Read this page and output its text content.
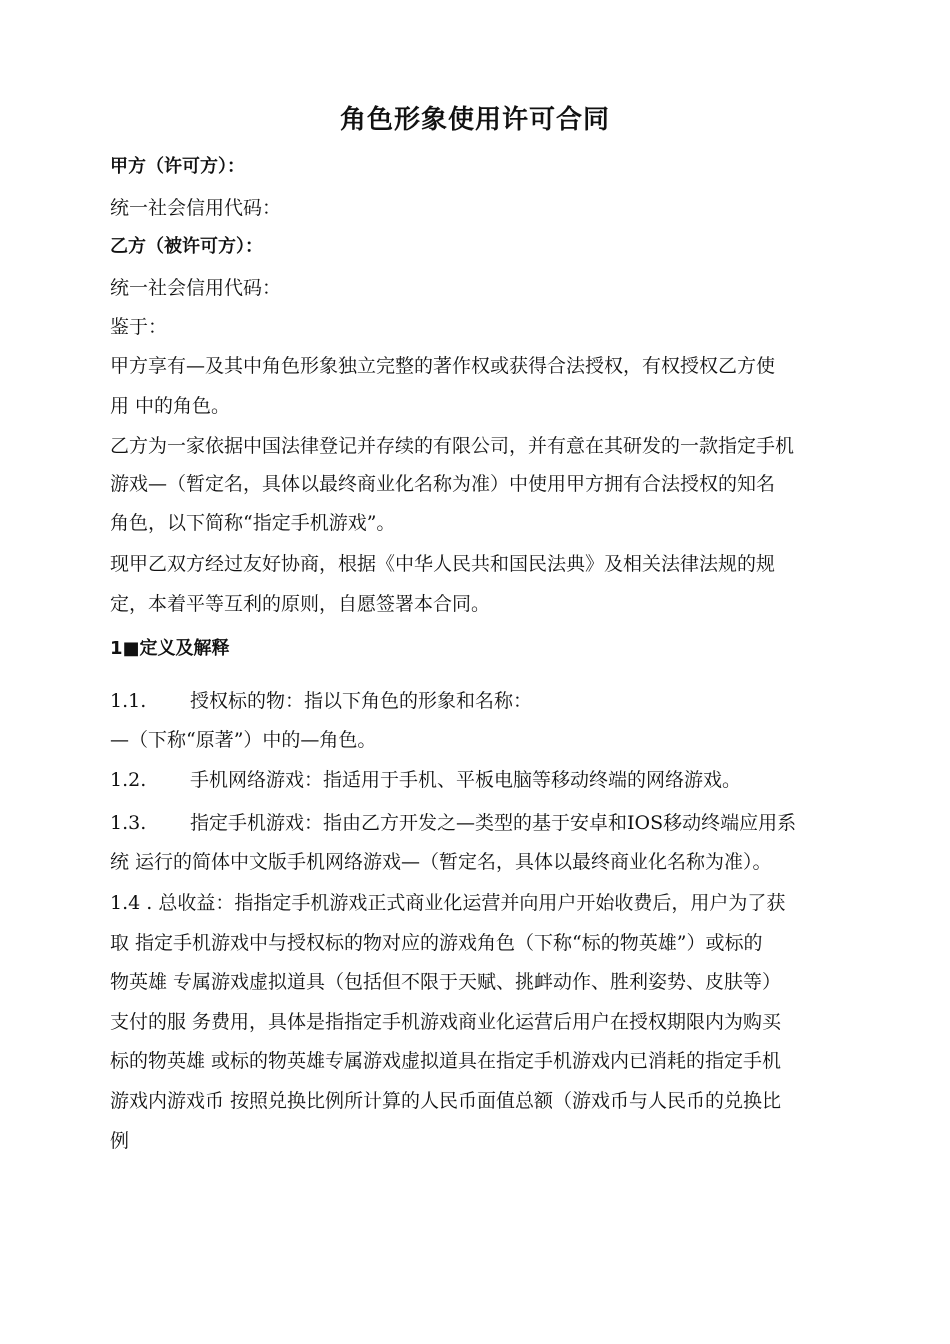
角色形象使用许可合同
甲方（许可方）：
统一社会信用代码：
乙方（被许可方）：
统一社会信用代码：
鉴于：
甲方享有—及其中角色形象独立完整的著作权或获得合法授权，有权授权乙方使
用 中的角色。
乙方为一家依据中国法律登记并存续的有限公司，并有意在其研发的一款指定手机
游戏—（暂定名，具体以最终商业化名称为准）中使用甲方拥有合法授权的知名
角色，以下简称“指定手机游戏”。
现甲乙双方经过友好协商，根据《中华人民共和国民法典》及相关法律法规的规
定，本着平等互利的原则，自愿签署本合同。
1■定义及解释
1.1. 授权标的物：指以下角色的形象和名称：
—（下称“原著”）中的—角色。
1.2. 手机网络游戏：指适用于手机、平板电脑等移动终端的网络游戏。
1.3. 指定手机游戏：指由乙方开发之—类型的基于安卓和IOS移动终端应用系
统 运行的简体中文版手机网络游戏—（暂定名，具体以最终商业化名称为准）。
1.4 . 总收益：指指定手机游戏正式商业化运营并向用户开始收费后，用户为了获
取 指定手机游戏中与授权标的物对应的游戏角色（下称“标的物英雄”）或标的
物英雄 专属游戏虚拟道具（包括但不限于天赋、挑衅动作、胜利姿势、皮肤等）
支付的服 务费用，具体是指指定手机游戏商业化运营后用户在授权期限内为购买
标的物英雄 或标的物英雄专属游戏虚拟道具在指定手机游戏内已消耗的指定手机
游戏内游戏币 按照兑换比例所计算的人民币面值总额（游戏币与人民币的兑换比
例
